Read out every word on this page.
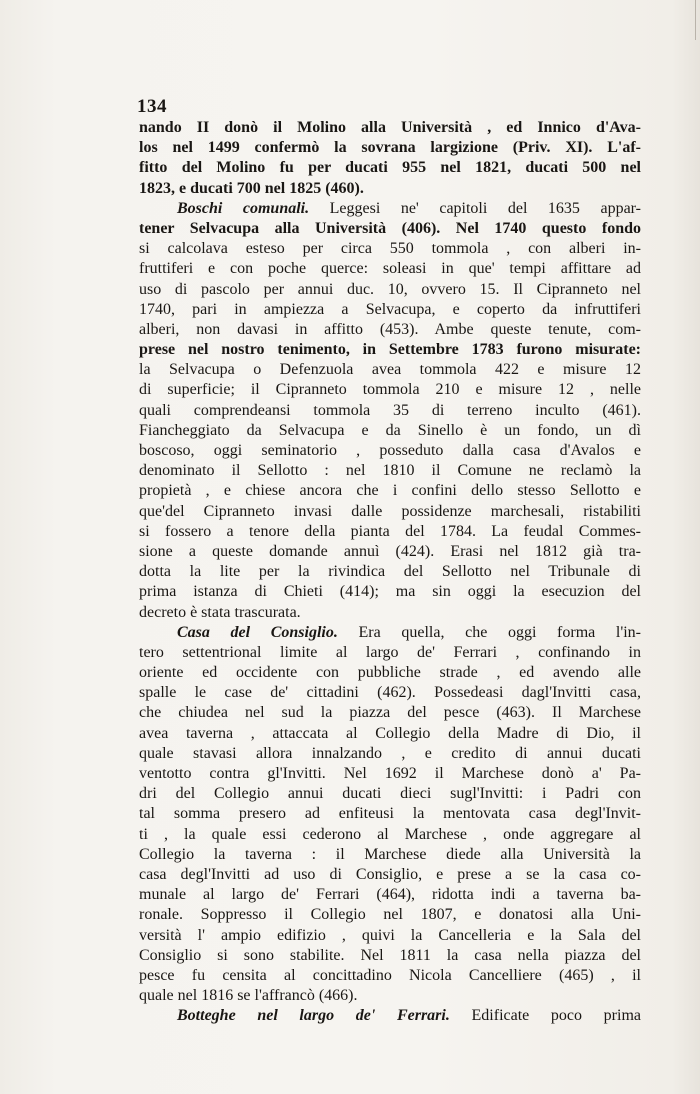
134
nando II donò il Molino alla Università , ed Innico d'Ava-
los nel 1499 confermò la sovrana largizione (Priv. XI). L'af-
fitto del Molino fu per ducati 955 nel 1821, ducati 500 nel
1823, e ducati 700 nel 1825 (460).
Boschi comunali. Leggesi ne' capitoli del 1635 appar-
tener Selvacupa alla Università (406). Nel 1740 questo fondo
si calcolava esteso per circa 550 tommola , con alberi in-
fruttiferi e con poche querce: soleasi in que' tempi affittare ad
uso di pascolo per annui duc. 10, ovvero 15. Il Cipranneto nel
1740, pari in ampiezza a Selvacupa, e coperto da infruttiferi
alberi, non davasi in affitto (453). Ambe queste tenute, com-
prese nel nostro tenimento, in Settembre 1783 furono misurate:
la Selvacupa o Defenzuola avea tommola 422 e misure 12
di superficie; il Cipranneto tommola 210 e misure 12 , nelle
quali comprendeansi tommola 35 di terreno inculto (461).
Fiancheggiato da Selvacupa e da Sinello è un fondo, un dì
boscoso, oggi seminatorio , posseduto dalla casa d'Avalos e
denominato il Sellotto : nel 1810 il Comune ne reclamò la
propietà , e chiese ancora che i confini dello stesso Sellotto e
que'del Cipranneto invasi dalle possidenze marchesali, ristabiliti
si fossero a tenore della pianta del 1784. La feudal Commes-
sione a queste domande annuì (424). Erasi nel 1812 già tra-
dotta la lite per la rivindica del Sellotto nel Tribunale di
prima istanza di Chieti (414); ma sin oggi la esecuzion del
decreto è stata trascurata.
Casa del Consiglio. Era quella, che oggi forma l'in-
tero settentrional limite al largo de' Ferrari , confinando in
oriente ed occidente con pubbliche strade , ed avendo alle
spalle le case de' cittadini (462). Possedeasi dagl'Invitti casa,
che chiudea nel sud la piazza del pesce (463). Il Marchese
avea taverna , attaccata al Collegio della Madre di Dio, il
quale stavasi allora innalzando , e credito di annui ducati
ventotto contra gl'Invitti. Nel 1692 il Marchese donò a' Pa-
dri del Collegio annui ducati dieci sugl'Invitti: i Padri con
tal somma presero ad enfiteusi la mentovata casa degl'Invit-
ti , la quale essi cederono al Marchese , onde aggregare al
Collegio la taverna : il Marchese diede alla Università la
casa degl'Invitti ad uso di Consiglio, e prese a se la casa co-
munale al largo de' Ferrari (464), ridotta indi a taverna ba-
ronale. Soppresso il Collegio nel 1807, e donatosi alla Uni-
versità l' ampio edifizio , quivi la Cancelleria e la Sala del
Consiglio si sono stabilite. Nel 1811 la casa nella piazza del
pesce fu censita al concittadino Nicola Cancelliere (465) , il
quale nel 1816 se l'affrancò (466).
Botteghe nel largo de' Ferrari. Edificate poco prima
